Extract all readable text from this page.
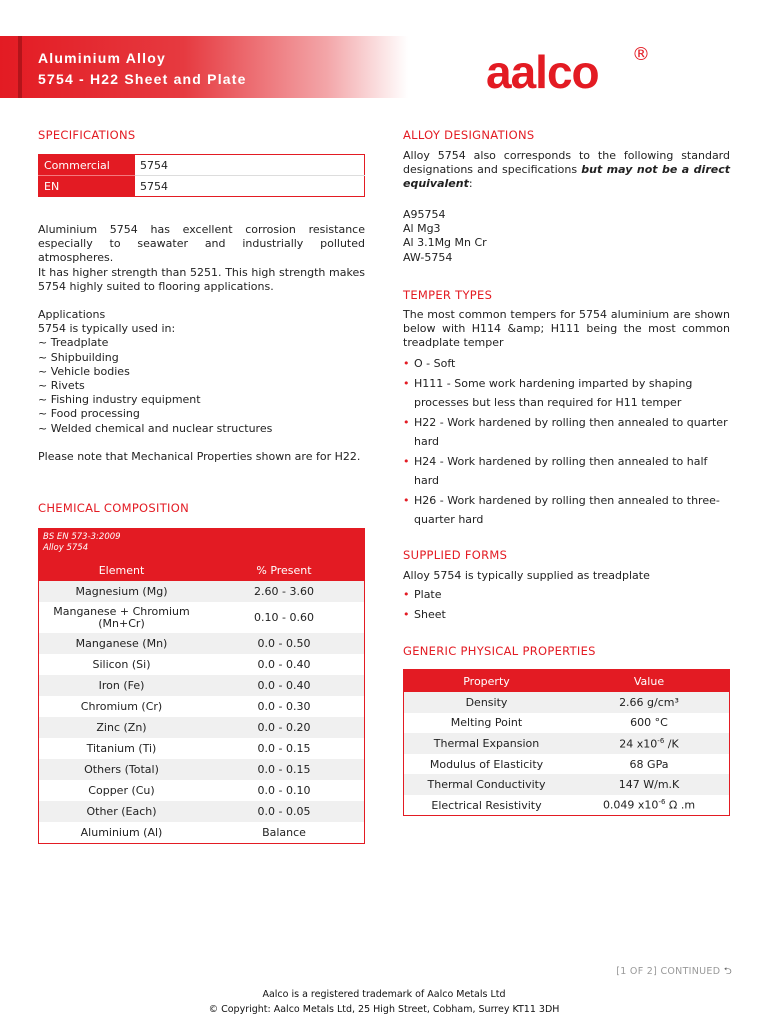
Aluminium Alloy
5754 - H22 Sheet and Plate	aalco ®
SPECIFICATIONS
Commercial	5754
EN	5754
Aluminium 5754 has excellent corrosion resistance especially to seawater and industrially polluted atmospheres.
It has higher strength than 5251. This high strength makes 5754 highly suited to flooring applications.
Applications
5754 is typically used in:
~ Treadplate
~ Shipbuilding
~ Vehicle bodies
~ Rivets
~ Fishing industry equipment
~ Food processing
~ Welded chemical and nuclear structures
Please note that Mechanical Properties shown are for H22.
CHEMICAL COMPOSITION
BS EN 573-3:2009
Alloy 5754
Element	% Present
Magnesium (Mg)	2.60 - 3.60
Manganese + Chromium (Mn+Cr)	0.10 - 0.60
Manganese (Mn)	0.0 - 0.50
Silicon (Si)	0.0 - 0.40
Iron (Fe)	0.0 - 0.40
Chromium (Cr)	0.0 - 0.30
Zinc (Zn)	0.0 - 0.20
Titanium (Ti)	0.0 - 0.15
Others (Total)	0.0 - 0.15
Copper (Cu)	0.0 - 0.10
Other (Each)	0.0 - 0.05
Aluminium (Al)	Balance
ALLOY DESIGNATIONS
Alloy 5754 also corresponds to the following standard designations and specifications but may not be a direct equivalent:
A95754
Al Mg3
Al 3.1Mg Mn Cr
AW-5754
TEMPER TYPES
The most common tempers for 5754 aluminium are shown below with H114 &amp; H111 being the most common treadplate temper
• O - Soft
• H111 - Some work hardening imparted by shaping processes but less than required for H11 temper
• H22 - Work hardened by rolling then annealed to quarter hard
• H24 - Work hardened by rolling then annealed to half hard
• H26 - Work hardened by rolling then annealed to three-quarter hard
SUPPLIED FORMS
Alloy 5754 is typically supplied as treadplate
• Plate
• Sheet
GENERIC PHYSICAL PROPERTIES
Property	Value
Density	2.66 g/cm³
Melting Point	600 °C
Thermal Expansion	24 $x10^{-6}$ /K
Modulus of Elasticity	68 GPa
Thermal Conductivity	147 W/m.K
Electrical Resistivity	0.049 $x10^{-6}$ Ω .m
[1 OF 2] CONTINUED ⮌
Aalco is a registered trademark of Aalco Metals Ltd
© Copyright: Aalco Metals Ltd, 25 High Street, Cobham, Surrey KT11 3DH
